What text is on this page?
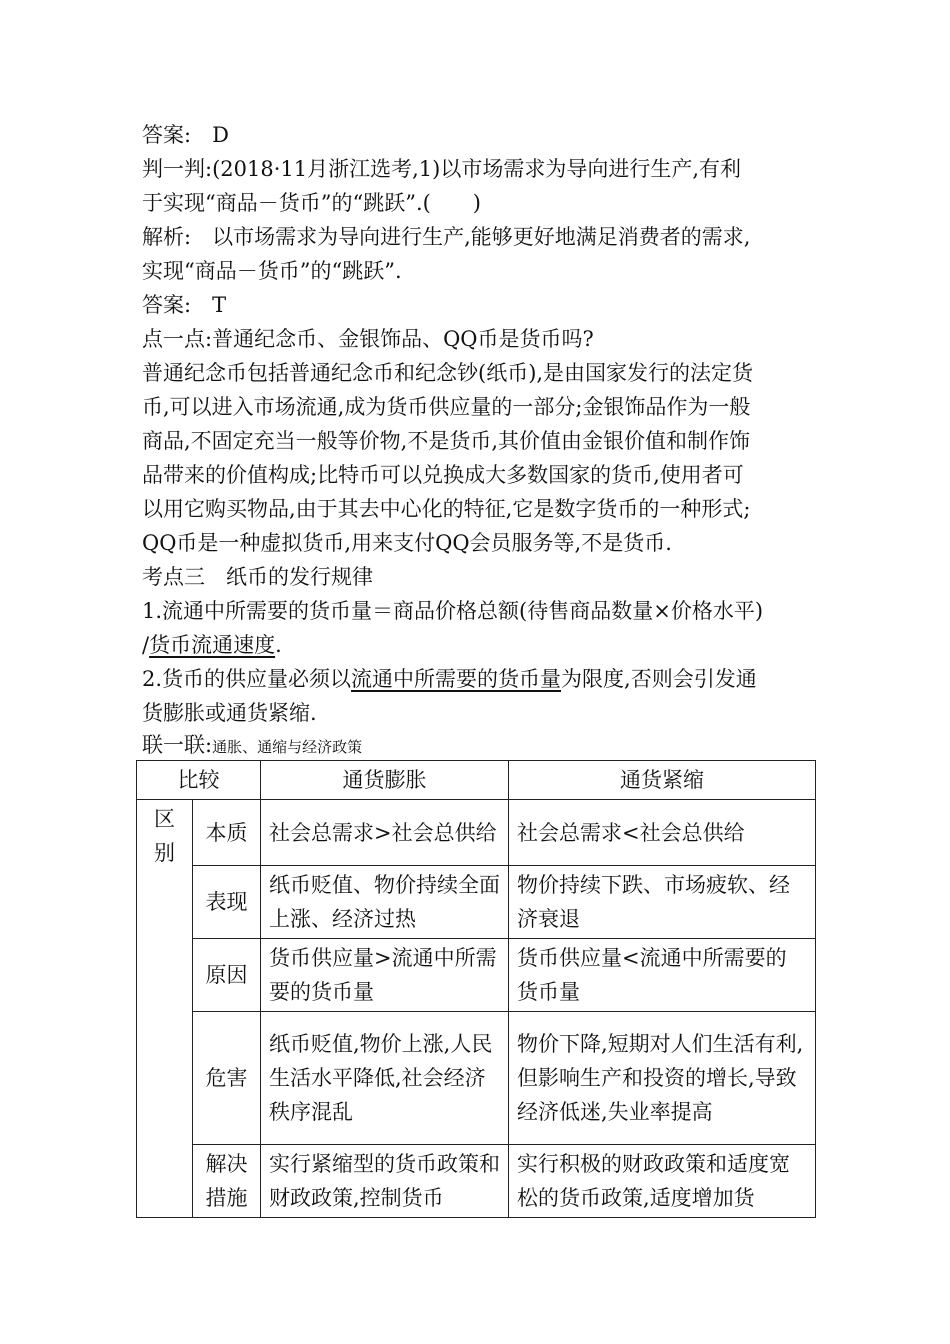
答案:　D
判一判:(2018·11月浙江选考,1)以市场需求为导向进行生产,有利
于实现“商品－货币”的“跳跃”.(　　)
解析:　以市场需求为导向进行生产,能够更好地满足消费者的需求,
实现“商品－货币”的“跳跃”.
答案:　T
点一点:普通纪念币、金银饰品、QQ币是货币吗?
普通纪念币包括普通纪念币和纪念钞(纸币),是由国家发行的法定货
币,可以进入市场流通,成为货币供应量的一部分;金银饰品作为一般
商品,不固定充当一般等价物,不是货币,其价值由金银价值和制作饰
品带来的价值构成;比特币可以兑换成大多数国家的货币,使用者可
以用它购买物品,由于其去中心化的特征,它是数字货币的一种形式;
QQ币是一种虚拟货币,用来支付QQ会员服务等,不是货币.
考点三　纸币的发行规律
1.流通中所需要的货币量＝商品价格总额(待售商品数量×价格水平)
/货币流通速度.
2.货币的供应量必须以流通中所需要的货币量为限度,否则会引发通
货膨胀或通货紧缩.
联一联:通胀、通缩与经济政策
比较		通货膨胀	通货紧缩
区
别	本质	社会总需求>社会总供给	社会总需求<社会总供给
	表现	纸币贬值、物价持续全面上涨、经济过热	物价持续下跌、市场疲软、经济衰退
	原因	货币供应量>流通中所需要的货币量	货币供应量<流通中所需要的货币量
	危害	纸币贬值,物价上涨,人民生活水平降低,社会经济秩序混乱	物价下降,短期对人们生活有利,但影响生产和投资的增长,导致经济低迷,失业率提高
	解决措施	实行紧缩型的货币政策和财政政策,控制货币	实行积极的财政政策和适度宽松的货币政策,适度增加货
